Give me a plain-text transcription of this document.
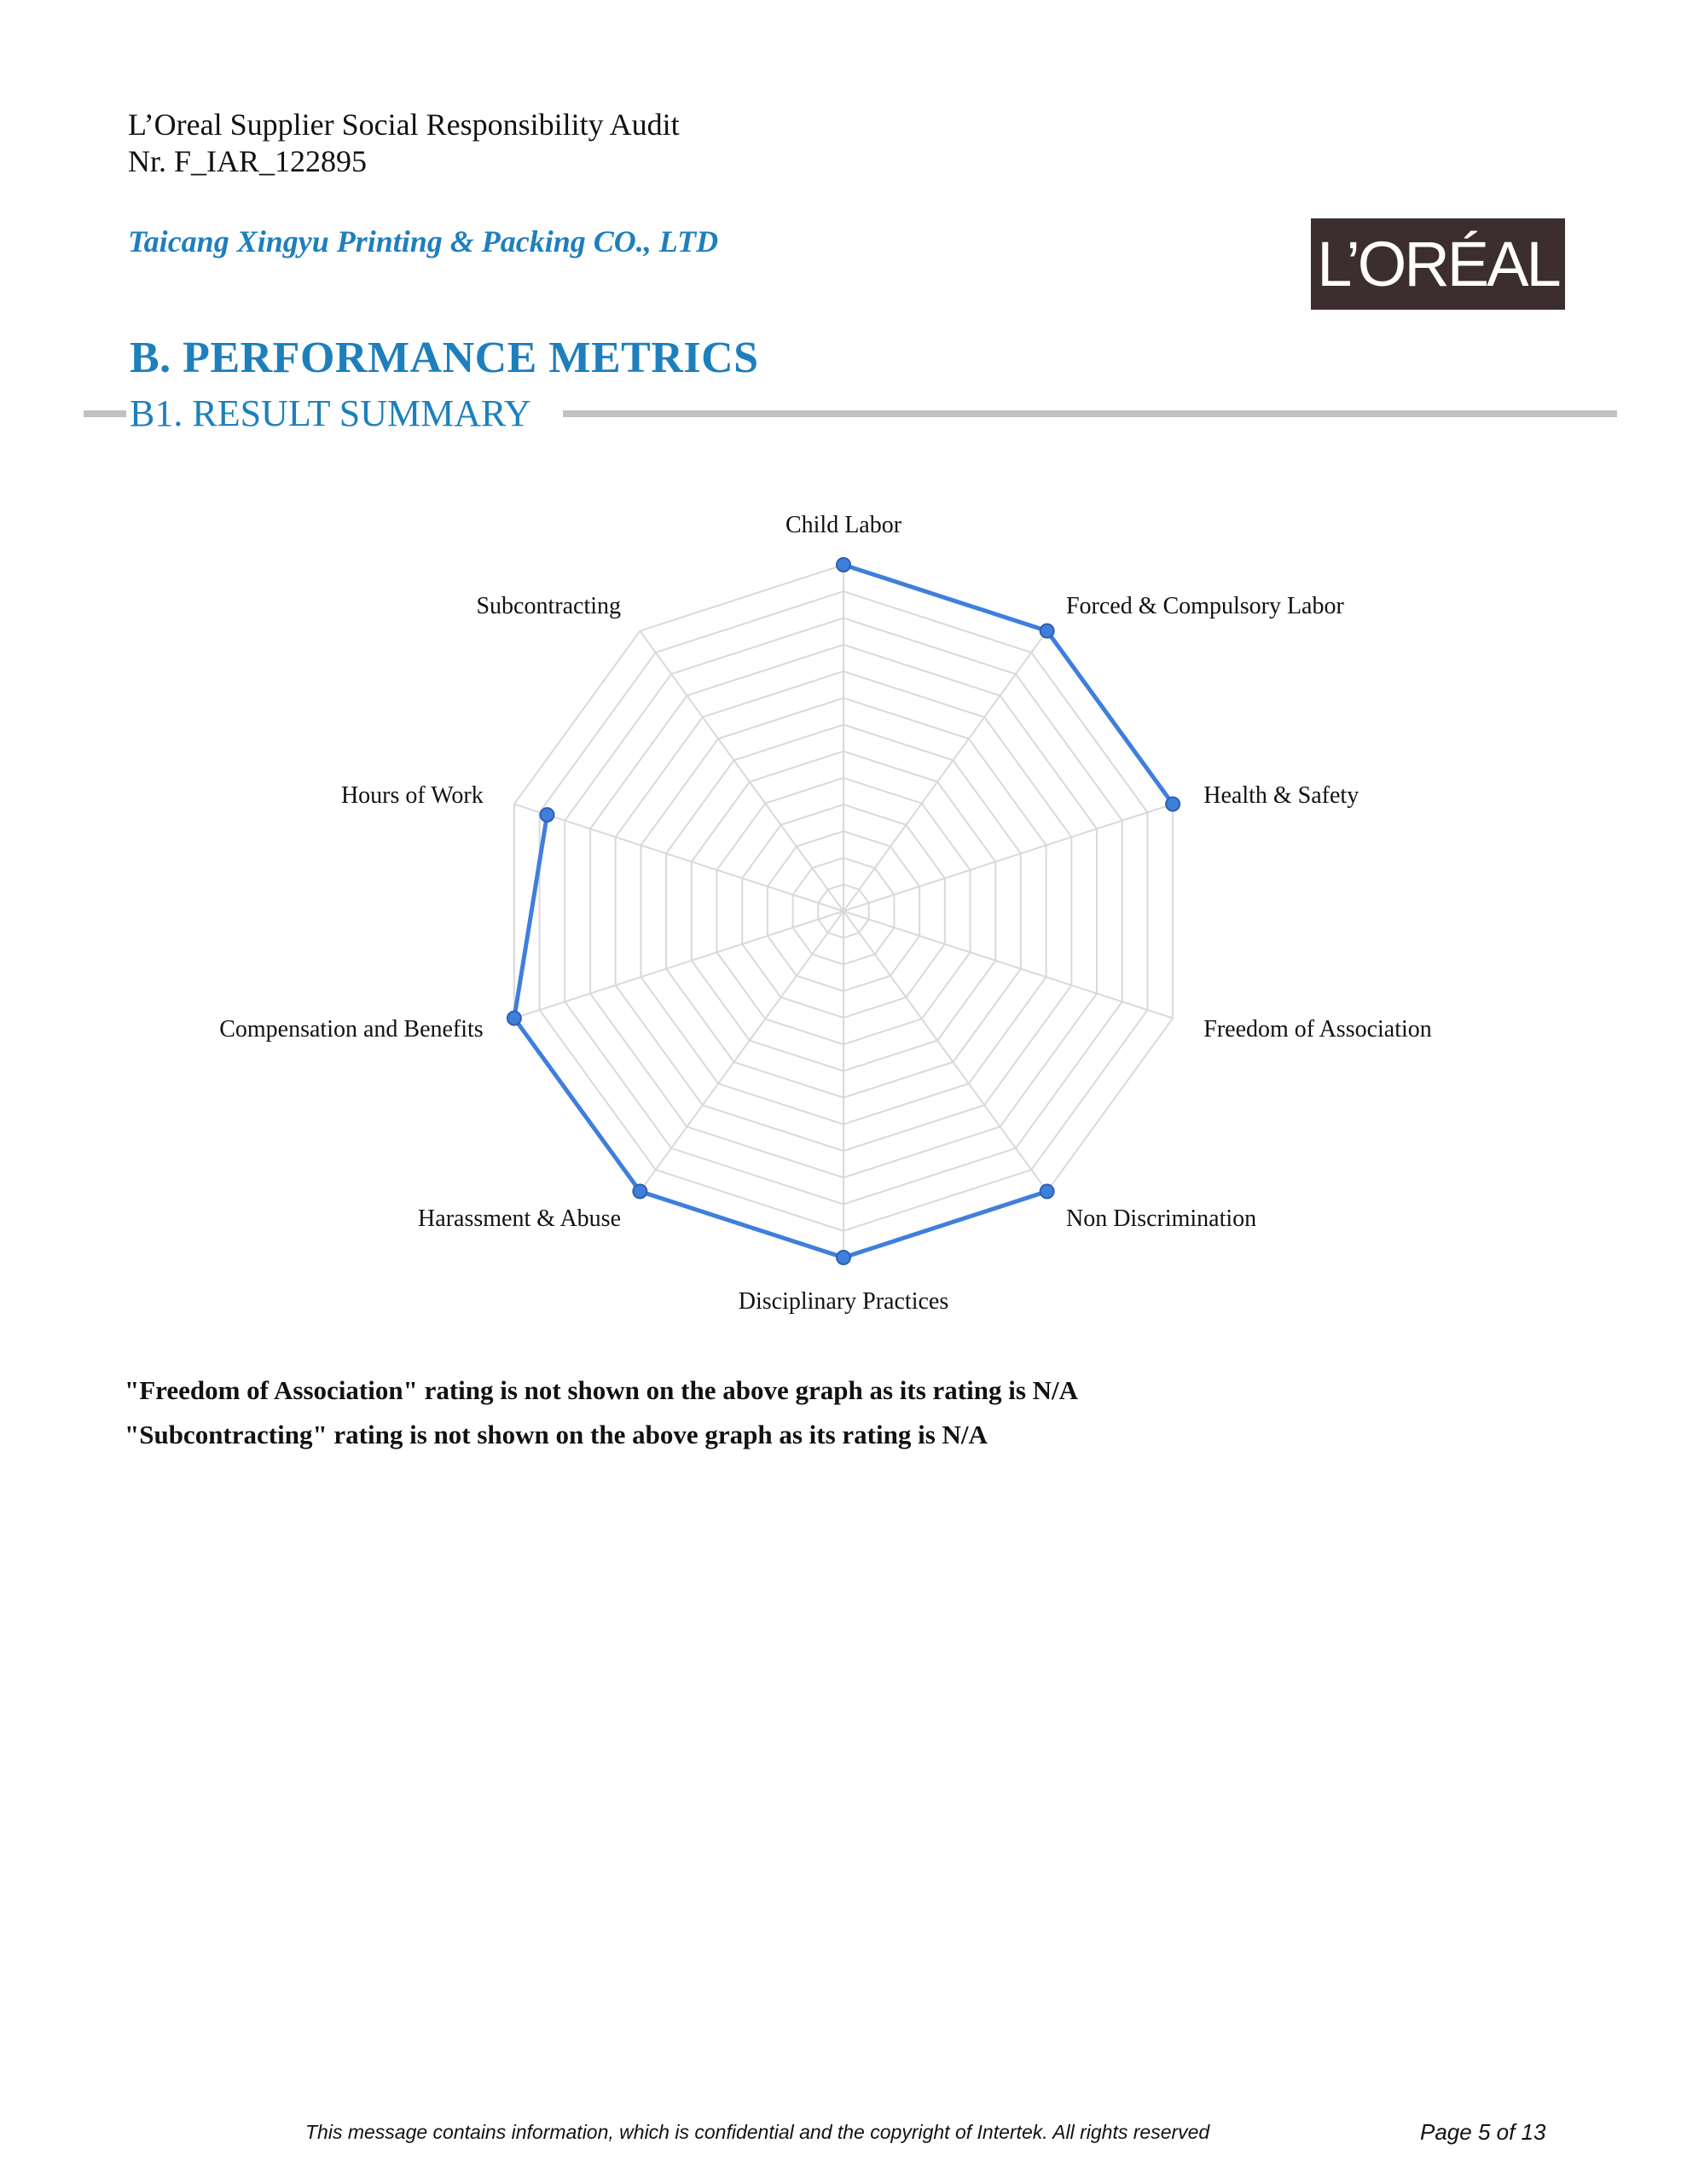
L’Oreal Supplier Social Responsibility Audit
Nr. F_IAR_122895
Taicang Xingyu Printing & Packing CO., LTD	L’ORÉAL
B. PERFORMANCE METRICS
B1. RESULT SUMMARY
Child Labor
Forced & Compulsory Labor
Health & Safety
Freedom of Association
Non Discrimination
Disciplinary Practices
Harassment & Abuse
Compensation and Benefits
Hours of Work
Subcontracting
"Freedom of Association" rating is not shown on the above graph as its rating is N/A
"Subcontracting" rating is not shown on the above graph as its rating is N/A
This message contains information, which is confidential and the copyright of Intertek. All rights reserved	Page 5 of 13
